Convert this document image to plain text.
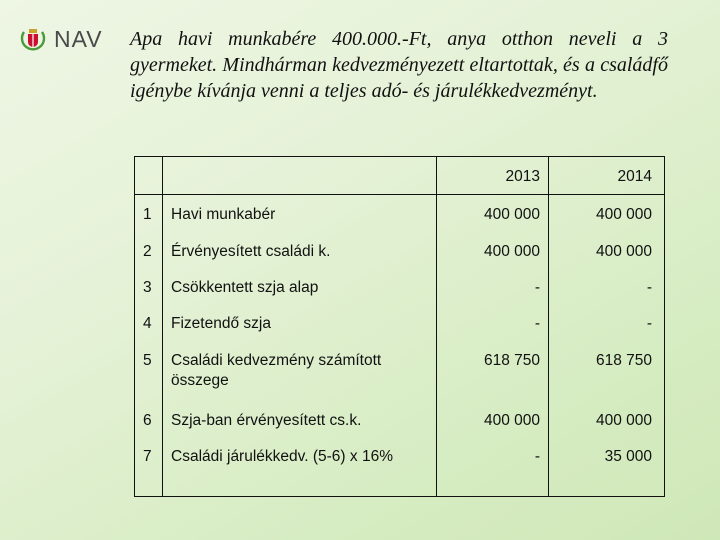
NAV Apa havi munkabére 400.000.-Ft, anya otthon neveli a 3 gyermeket. Mindhárman kedvezményezett eltartottak, és a családfő igénybe kívánja venni a teljes adó- és járulékkedvezményt.
		2013	2014
1	Havi munkabér	400 000	400 000
2	Érvényesített családi k.	400 000	400 000
3	Csökkentett szja alap	-	-
4	Fizetendő szja	-	-
5	Családi kedvezmény számított összege	618 750	618 750
6	Szja-ban érvényesített cs.k.	400 000	400 000
7	Családi járulékkedv. (5-6) x 16%	-	35 000
